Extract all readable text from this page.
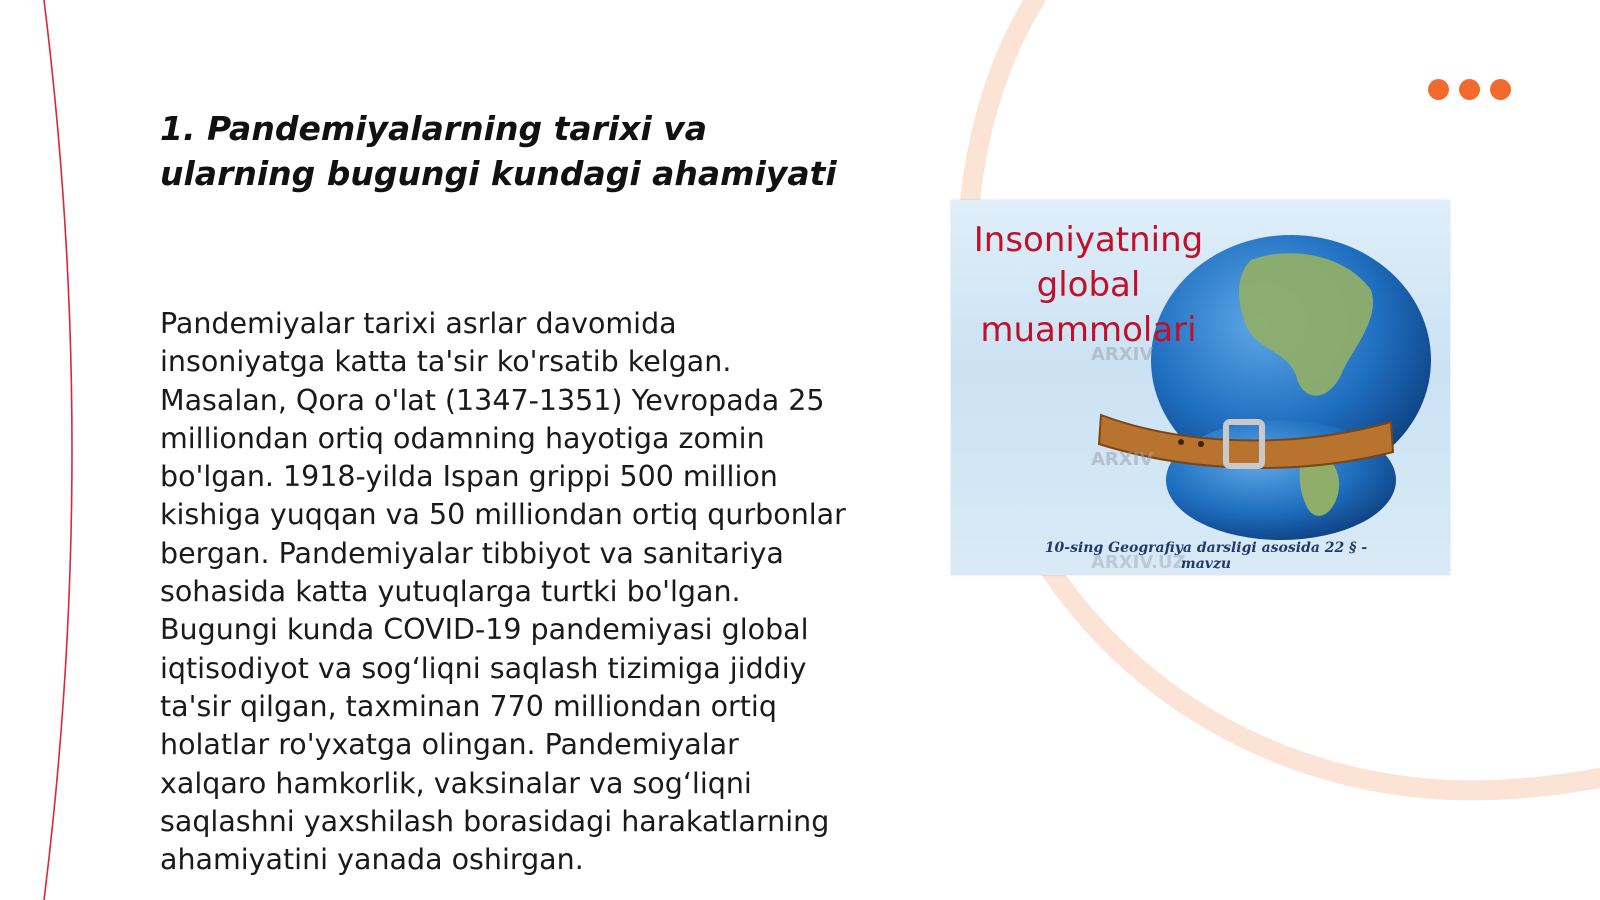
1. Pandemiyalarning tarixi va
ularning bugungi kundagi ahamiyati

Pandemiyalar tarixi asrlar davomida insoniyatga katta ta'sir ko'rsatib kelgan. Masalan, Qora o'lat (1347-1351) Yevropada 25 milliondan ortiq odamning hayotiga zomin bo'lgan. 1918-yilda Ispan grippi 500 million kishiga yuqqan va 50 milliondan ortiq qurbonlar bergan. Pandemiyalar tibbiyot va sanitariya sohasida katta yutuqlarga turtki bo'lgan. Bugungi kunda COVID-19 pandemiyasi global iqtisodiyot va sog‘liqni saqlash tizimiga jiddiy ta'sir qilgan, taxminan 770 milliondan ortiq holatlar ro'yxatga olingan. Pandemiyalar xalqaro hamkorlik, vaksinalar va sog‘liqni saqlashni yaxshilash borasidagi harakatlarning ahamiyatini yanada oshirgan.

ARXIV
ARXIV
ARXIV.UZ

Insoniyatning
global
muammolari

10-sing Geografiya darsligi asosida 22 § - mavzu
